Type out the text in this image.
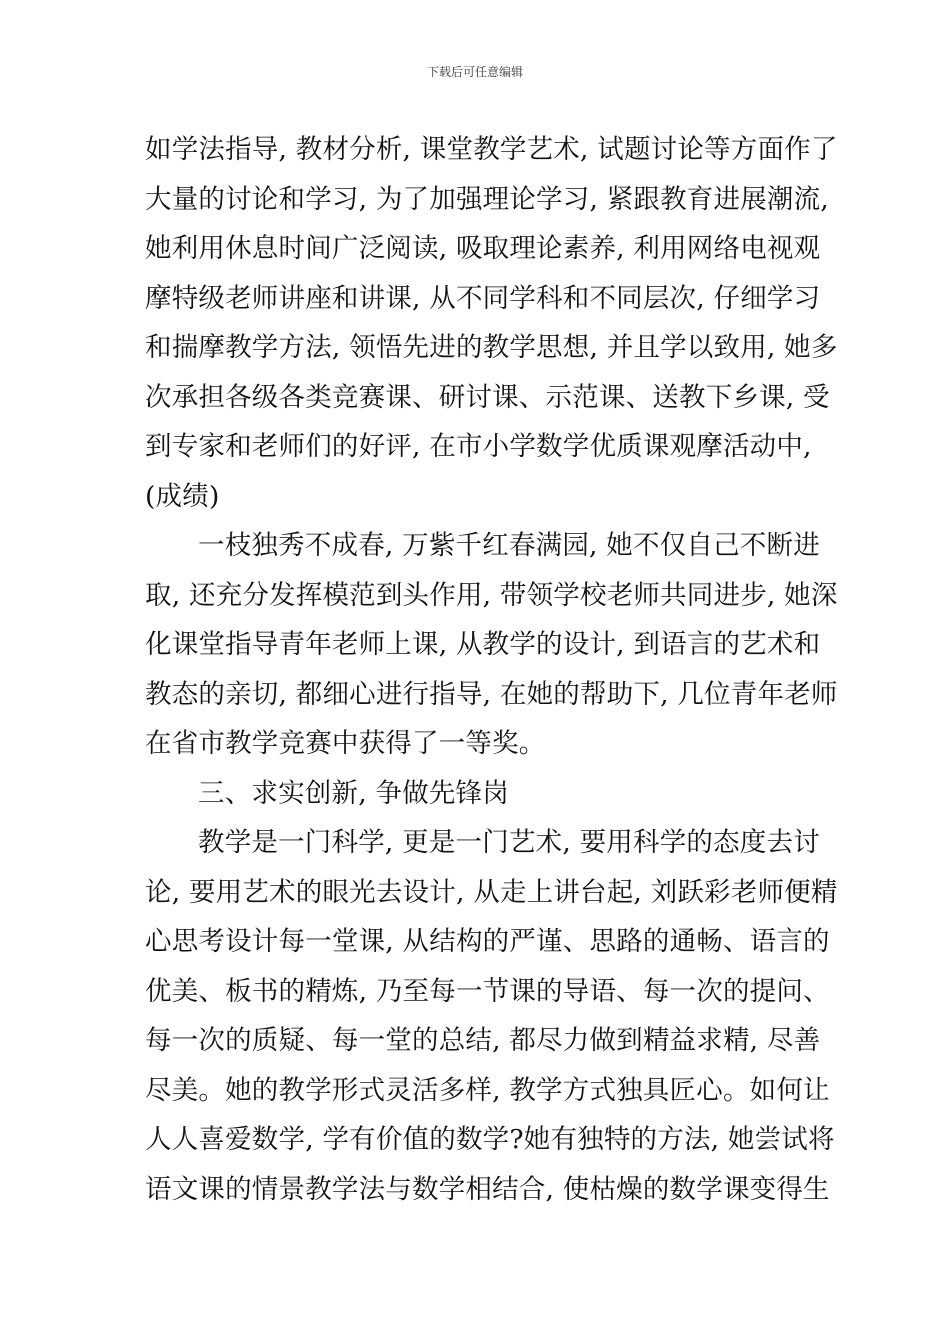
下载后可任意编辑
如学法指导, 教材分析, 课堂教学艺术, 试题讨论等方面作了
大量的讨论和学习, 为了加强理论学习, 紧跟教育进展潮流,
她利用休息时间广泛阅读, 吸取理论素养, 利用网络电视观
摩特级老师讲座和讲课, 从不同学科和不同层次, 仔细学习
和揣摩教学方法, 领悟先进的教学思想, 并且学以致用, 她多
次承担各级各类竞赛课、研讨课、示范课、送教下乡课, 受
到专家和老师们的好评, 在市小学数学优质课观摩活动中,
(成绩)
一枝独秀不成春, 万紫千红春满园, 她不仅自己不断进
取, 还充分发挥模范到头作用, 带领学校老师共同进步, 她深
化课堂指导青年老师上课, 从教学的设计, 到语言的艺术和
教态的亲切, 都细心进行指导, 在她的帮助下, 几位青年老师
在省市教学竞赛中获得了一等奖。
三、求实创新, 争做先锋岗
教学是一门科学, 更是一门艺术, 要用科学的态度去讨
论, 要用艺术的眼光去设计, 从走上讲台起, 刘跃彩老师便精
心思考设计每一堂课, 从结构的严谨、思路的通畅、语言的
优美、板书的精炼, 乃至每一节课的导语、每一次的提问、
每一次的质疑、每一堂的总结, 都尽力做到精益求精, 尽善
尽美。她的教学形式灵活多样, 教学方式独具匠心。如何让
人人喜爱数学, 学有价值的数学?她有独特的方法, 她尝试将
语文课的情景教学法与数学相结合, 使枯燥的数学课变得生
